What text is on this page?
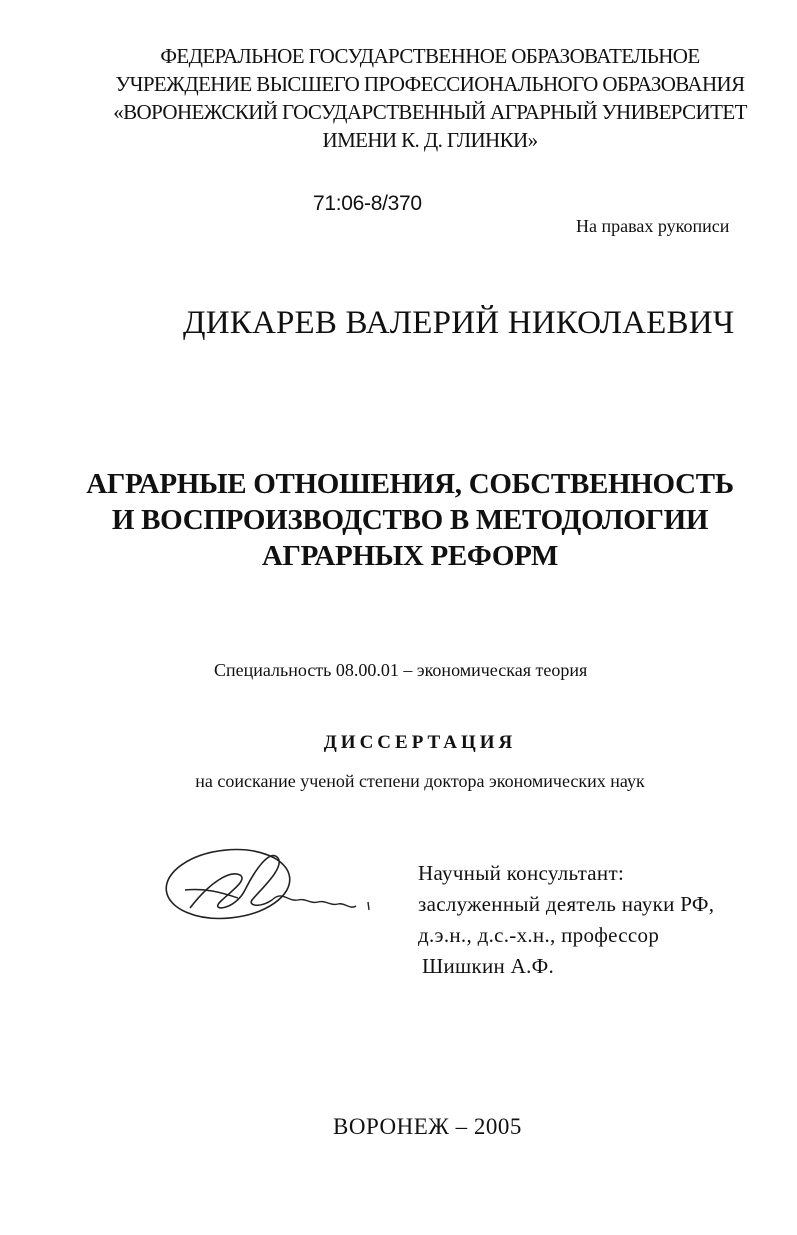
ФЕДЕРАЛЬНОЕ ГОСУДАРСТВЕННОЕ ОБРАЗОВАТЕЛЬНОЕ
УЧРЕЖДЕНИЕ ВЫСШЕГО ПРОФЕССИОНАЛЬНОГО ОБРАЗОВАНИЯ
«ВОРОНЕЖСКИЙ ГОСУДАРСТВЕННЫЙ АГРАРНЫЙ УНИВЕРСИТЕТ
ИМЕНИ К. Д. ГЛИНКИ»
71:06-8/370
На правах рукописи
ДИКАРЕВ ВАЛЕРИЙ НИКОЛАЕВИЧ
АГРАРНЫЕ ОТНОШЕНИЯ, СОБСТВЕННОСТЬ
И ВОСПРОИЗВОДСТВО В МЕТОДОЛОГИИ
АГРАРНЫХ РЕФОРМ
Специальность 08.00.01 – экономическая теория
ДИССЕРТАЦИЯ
на соискание ученой степени доктора экономических наук
Научный консультант:
заслуженный деятель науки РФ,
д.э.н., д.с.-х.н., профессор
Шишкин А.Ф.
ВОРОНЕЖ – 2005
